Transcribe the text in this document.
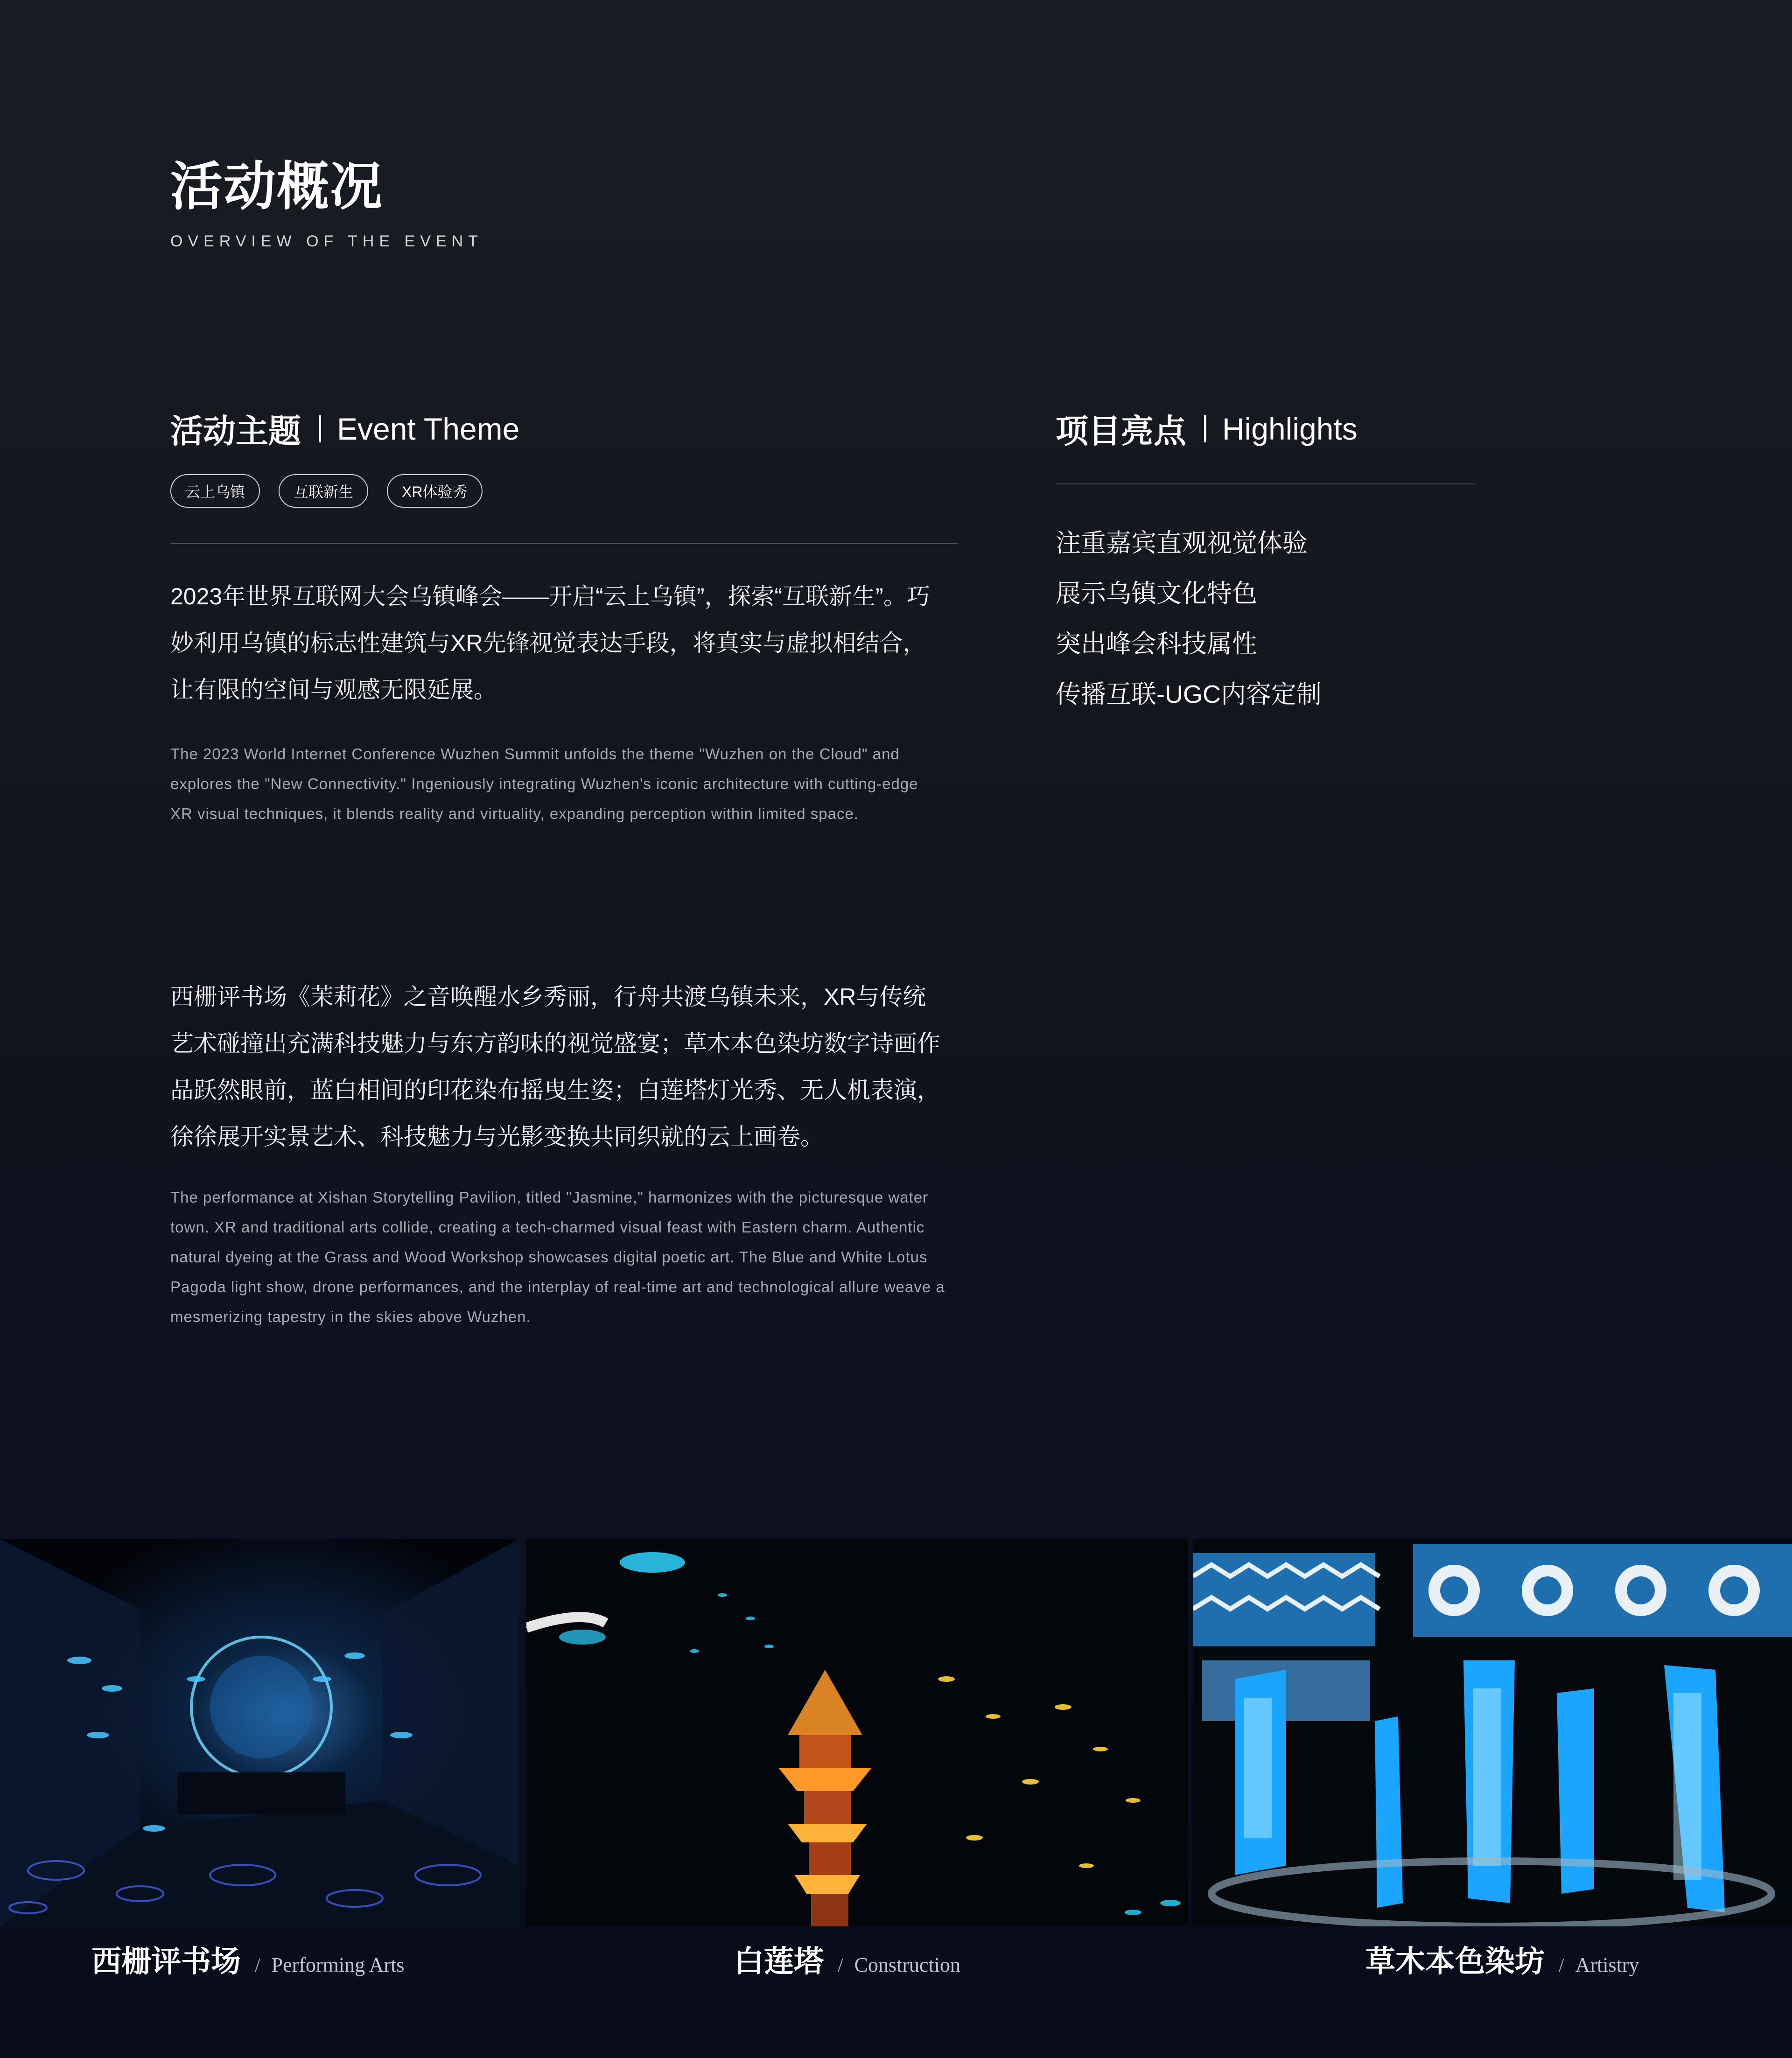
活动概况
OVERVIEW OF THE EVENT
活动主题 Event Theme
云上乌镇	互联新生	XR体验秀

2023年世界互联网大会乌镇峰会——开启“云上乌镇”，探索“互联新生”。巧妙利用乌镇的标志性建筑与XR先锋视觉表达手段，将真实与虚拟相结合，让有限的空间与观感无限延展。

The 2023 World Internet Conference Wuzhen Summit unfolds the theme "Wuzhen on the Cloud" and explores the "New Connectivity." Ingeniously integrating Wuzhen's iconic architecture with cutting-edge XR visual techniques, it blends reality and virtuality, expanding perception within limited space.

西栅评书场《茉莉花》之音唤醒水乡秀丽，行舟共渡乌镇未来，XR与传统艺术碰撞出充满科技魅力与东方韵味的视觉盛宴；草木本色染坊数字诗画作品跃然眼前，蓝白相间的印花染布摇曳生姿；白莲塔灯光秀、无人机表演，徐徐展开实景艺术、科技魅力与光影变换共同织就的云上画卷。

The performance at Xishan Storytelling Pavilion, titled "Jasmine," harmonizes with the picturesque water town. XR and traditional arts collide, creating a tech-charmed visual feast with Eastern charm. Authentic natural dyeing at the Grass and Wood Workshop showcases digital poetic art. The Blue and White Lotus Pagoda light show, drone performances, and the interplay of real-time art and technological allure weave a mesmerizing tapestry in the skies above Wuzhen.

项目亮点 Highlights
注重嘉宾直观视觉体验
展示乌镇文化特色
突出峰会科技属性
传播互联-UGC内容定制
西栅评书场 / Performing Arts	白莲塔 / Construction	草木本色染坊 / Artistry
